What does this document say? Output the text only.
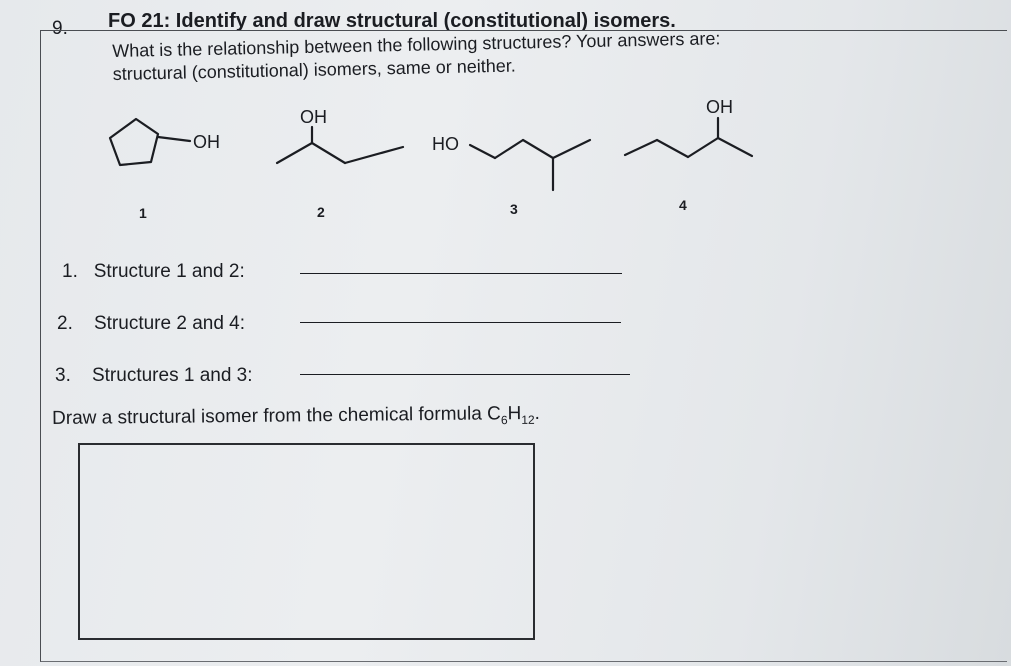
9. FO 21: Identify and draw structural (constitutional) isomers.
What is the relationship between the following structures? Your answers are:
structural (constitutional) isomers, same or neither.
OH
OH
HO
OH
1	2	3	4
1. Structure 1 and 2:
2. Structure 2 and 4:
3. Structures 1 and 3:
Draw a structural isomer from the chemical formula $C_6H_{12}$.
